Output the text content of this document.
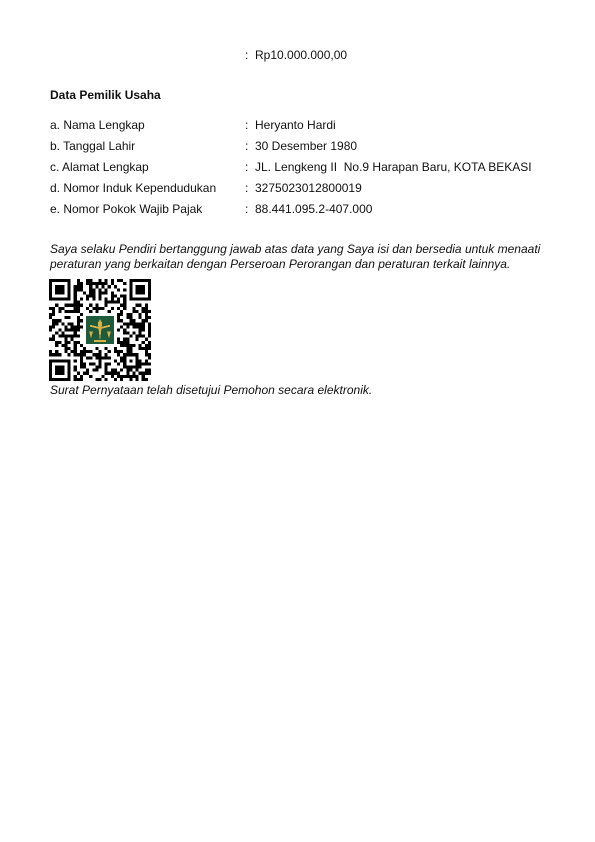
: Rp10.000.000,00
Data Pemilik Usaha
a. Nama Lengkap	: Heryanto Hardi
b. Tanggal Lahir	: 30 Desember 1980
c. Alamat Lengkap	: JL. Lengkeng II  No.9 Harapan Baru, KOTA BEKASI
d. Nomor Induk Kependudukan : 3275023012800019
e. Nomor Pokok Wajib Pajak	: 88.441.095.2-407.000
Saya selaku Pendiri bertanggung jawab atas data yang Saya isi dan bersedia untuk menaati
peraturan yang berkaitan dengan Perseroan Perorangan dan peraturan terkait lainnya.
Surat Pernyataan telah disetujui Pemohon secara elektronik.
